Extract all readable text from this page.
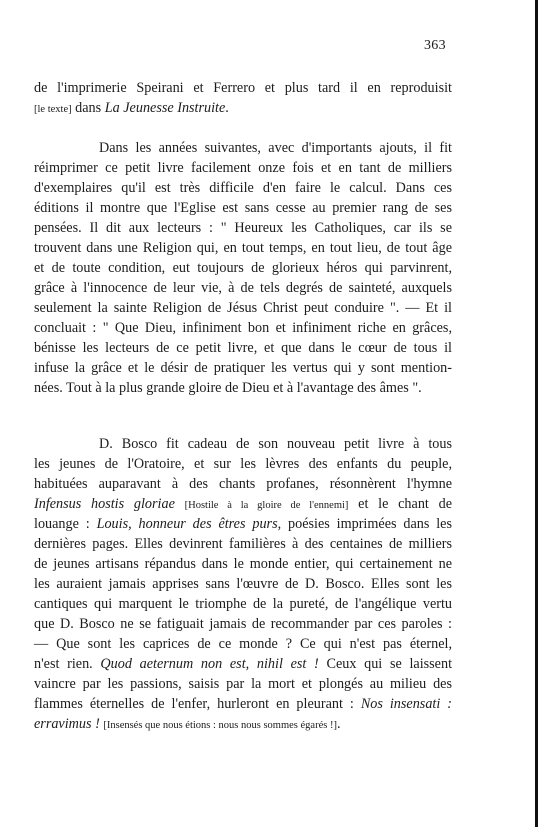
363
de l'imprimerie Speirani et Ferrero et plus tard il en reproduisit
[le texte] dans La Jeunesse Instruite.
Dans les années suivantes, avec d'importants ajouts, il fit
réimprimer ce petit livre facilement onze fois et en tant de milliers
d'exemplaires qu'il est très difficile d'en faire le calcul. Dans ces
éditions il montre que l'Eglise est sans cesse au premier rang de ses
pensées. Il dit aux lecteurs : " Heureux les Catholiques, car ils se
trouvent dans une Religion qui, en tout temps, en tout lieu, de tout âge
et de toute condition, eut toujours de glorieux héros qui parvinrent,
grâce à l'innocence de leur vie, à de tels degrés de sainteté, auxquels
seulement la sainte Religion de Jésus Christ peut conduire ". — Et il
concluait : " Que Dieu, infiniment bon et infiniment riche en grâces,
bénisse les lecteurs de ce petit livre, et que dans le cœur de tous il
infuse la grâce et le désir de pratiquer les vertus qui y sont mention-
nées. Tout à la plus grande gloire de Dieu et à l'avantage des âmes ".
D. Bosco fit cadeau de son nouveau petit livre à tous
les jeunes de l'Oratoire, et sur les lèvres des enfants du peuple,
habituées auparavant à des chants profanes, résonnèrent l'hymne
Infensus hostis gloriae [Hostile à la gloire de l'ennemi] et le chant de
louange : Louis, honneur des êtres purs, poésies imprimées dans les
dernières pages. Elles devinrent familières à des centaines de milliers
de jeunes artisans répandus dans le monde entier, qui certainement ne
les auraient jamais apprises sans l'œuvre de D. Bosco. Elles sont les
cantiques qui marquent le triomphe de la pureté, de l'angélique vertu
que D. Bosco ne se fatiguait jamais de recommander par ces paroles :
— Que sont les caprices de ce monde ? Ce qui n'est pas éternel,
n'est rien. Quod aeternum non est, nihil est ! Ceux qui se laissent
vaincre par les passions, saisis par la mort et plongés au milieu des
flammes éternelles de l'enfer, hurleront en pleurant : Nos insensati :
erravimus ! [Insensés que nous étions : nous nous sommes égarés !].
